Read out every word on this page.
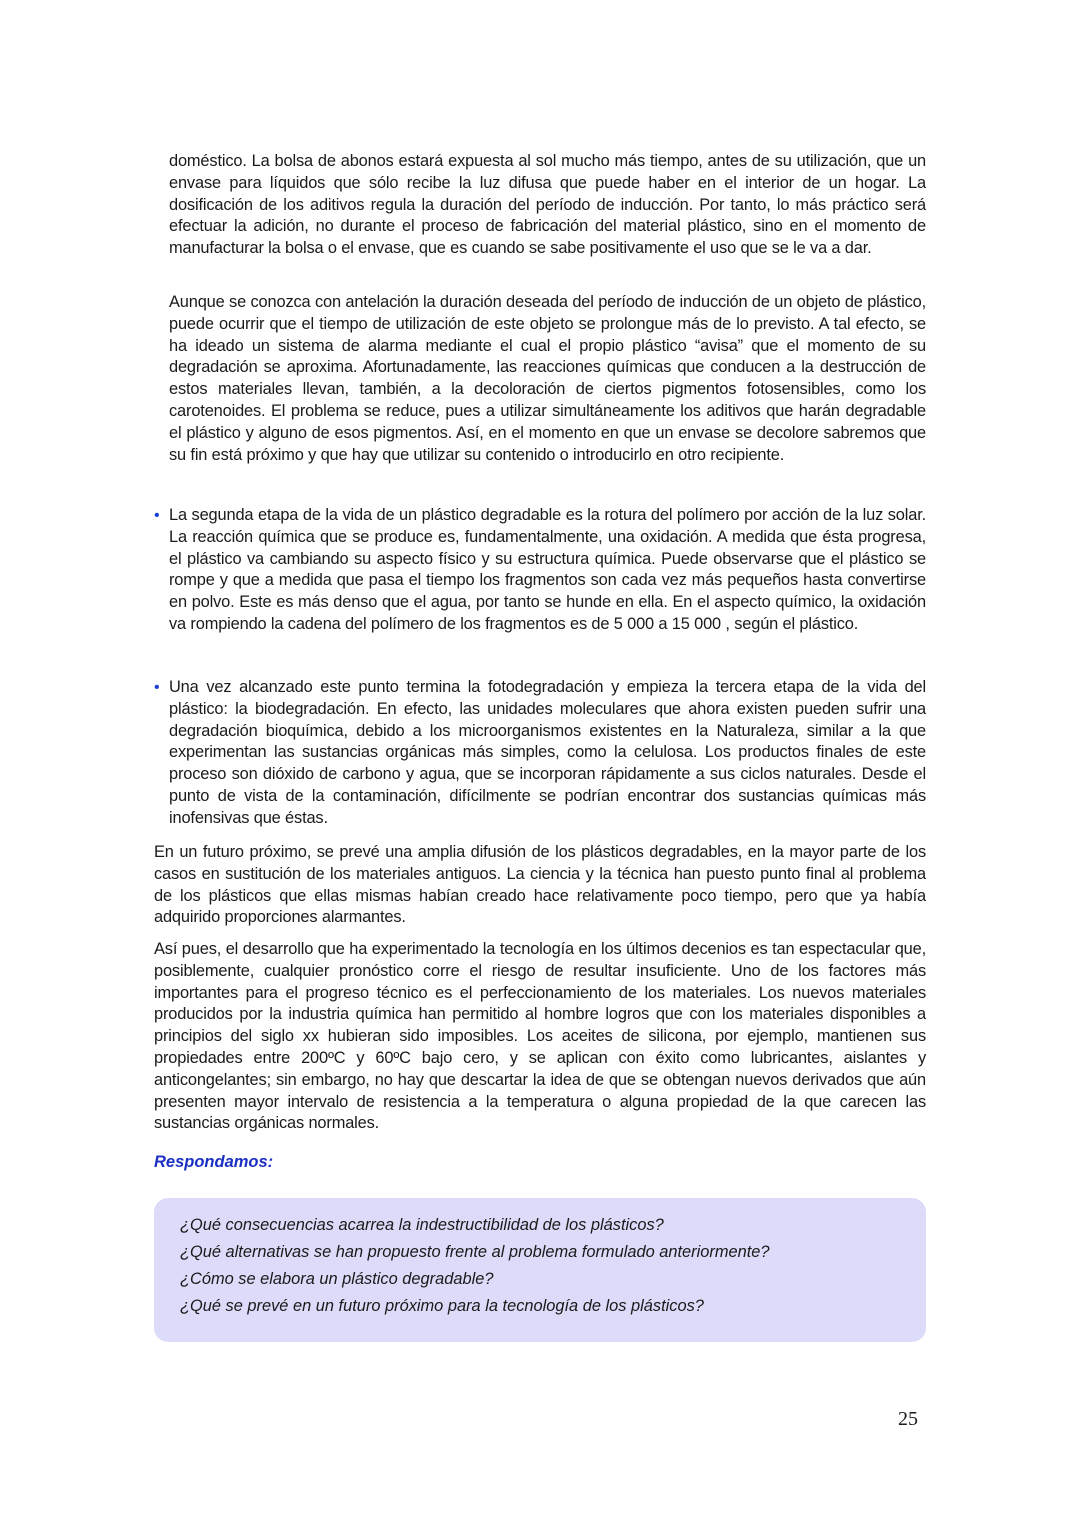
doméstico. La bolsa de abonos estará expuesta al sol mucho más tiempo, antes de su utilización, que un envase para líquidos que sólo recibe la luz difusa que puede haber en el interior de un hogar. La dosificación de los aditivos regula la duración del período de inducción. Por tanto, lo más práctico será efectuar la adición, no durante el proceso de fabricación del material plástico, sino en el momento de manufacturar la bolsa o el envase, que es cuando se sabe positivamente el uso que se le va a dar.

Aunque se conozca con antelación la duración deseada del período de inducción de un objeto de plástico, puede ocurrir que el tiempo de utilización de este objeto se prolongue más de lo previsto. A tal efecto, se ha ideado un sistema de alarma mediante el cual el propio plástico “avisa” que el momento de su degradación se aproxima. Afortunadamente, las reacciones químicas que conducen a la destrucción de estos materiales llevan, también, a la decoloración de ciertos pigmentos fotosensibles, como los carotenoides. El problema se reduce, pues a utilizar simultáneamente los aditivos que harán degradable el plástico y alguno de esos pigmentos. Así, en el momento en que un envase se decolore sabremos que su fin está próximo y que hay que utilizar su contenido o introducirlo en otro recipiente.

• La segunda etapa de la vida de un plástico degradable es la rotura del polímero por acción de la luz solar. La reacción química que se produce es, fundamentalmente, una oxidación. A medida que ésta progresa, el plástico va cambiando su aspecto físico y su estructura química. Puede observarse que el plástico se rompe y que a medida que pasa el tiempo los fragmentos son cada vez más pequeños hasta convertirse en polvo. Este es más denso que el agua, por tanto se hunde en ella. En el aspecto químico, la oxidación va rompiendo la cadena del polímero de los fragmentos es de 5 000 a 15 000 , según el plástico.
• Una vez alcanzado este punto termina la fotodegradación y empieza la tercera etapa de la vida del plástico: la biodegradación. En efecto, las unidades moleculares que ahora existen pueden sufrir una degradación bioquímica, debido a los microorganismos existentes en la Naturaleza, similar a la que experimentan las sustancias orgánicas más simples, como la celulosa. Los productos finales de este proceso son dióxido de carbono y agua, que se incorporan rápidamente a sus ciclos naturales. Desde el punto de vista de la contaminación, difícilmente se podrían encontrar dos sustancias químicas más inofensivas que éstas.

En un futuro próximo, se prevé una amplia difusión de los plásticos degradables, en la mayor parte de los casos en sustitución de los materiales antiguos. La ciencia y la técnica han puesto punto final al problema de los plásticos que ellas mismas habían creado hace relativamente poco tiempo, pero que ya había adquirido proporciones alarmantes.

Así pues, el desarrollo que ha experimentado la tecnología en los últimos decenios es tan espectacular que, posiblemente, cualquier pronóstico corre el riesgo de resultar insuficiente. Uno de los factores más importantes para el progreso técnico es el perfeccionamiento de los materiales. Los nuevos materiales producidos por la industria química han permitido al hombre logros que con los materiales disponibles a principios del siglo xx hubieran sido imposibles. Los aceites de silicona, por ejemplo, mantienen sus propiedades entre 200ºC y 60ºC bajo cero, y se aplican con éxito como lubricantes, aislantes y anticongelantes; sin embargo, no hay que descartar la idea de que se obtengan nuevos derivados que aún presenten mayor intervalo de resistencia a la temperatura o alguna propiedad de la que carecen las sustancias orgánicas normales.

Respondamos:
¿Qué consecuencias acarrea la indestructibilidad de los plásticos?
¿Qué alternativas se han propuesto frente al problema formulado anteriormente?
¿Cómo se elabora un plástico degradable?
¿Qué se prevé en un futuro próximo para la tecnología de los plásticos?
25
